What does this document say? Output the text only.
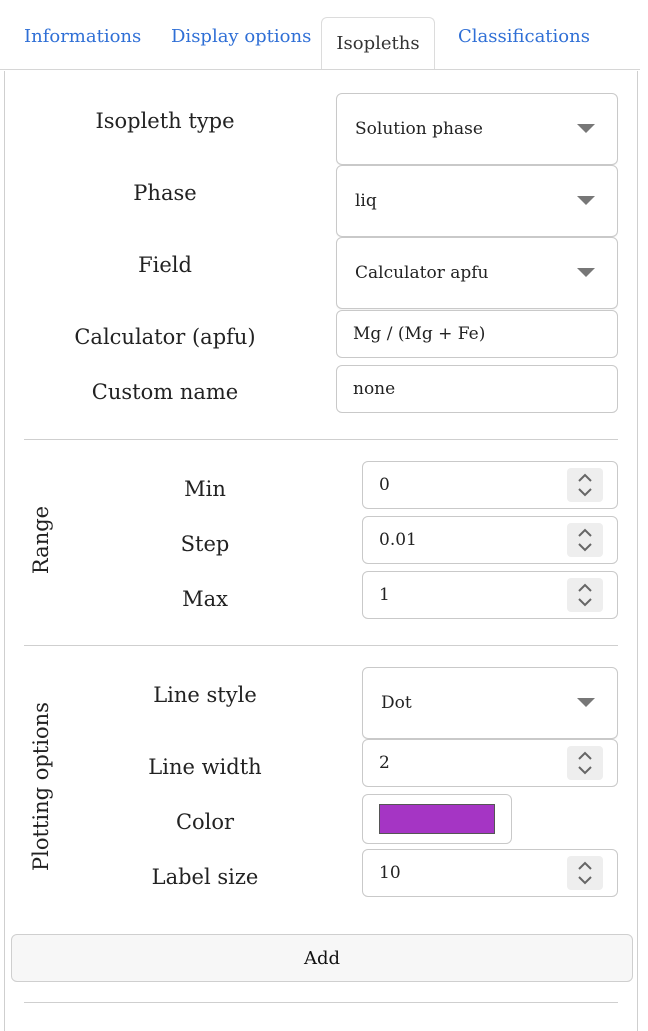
Informations Display options	Isopleths	Classifications
Isopleth type	Solution phase
Phase	liq
Field	Calculator apfu
Calculator (apfu)	Mg / (Mg + Fe)
Custom name	none
Range
Min	0
Step	0.01
Max	1
Plotting options
Line style	Dot
Line width	2
Color
Label size	10
Add
